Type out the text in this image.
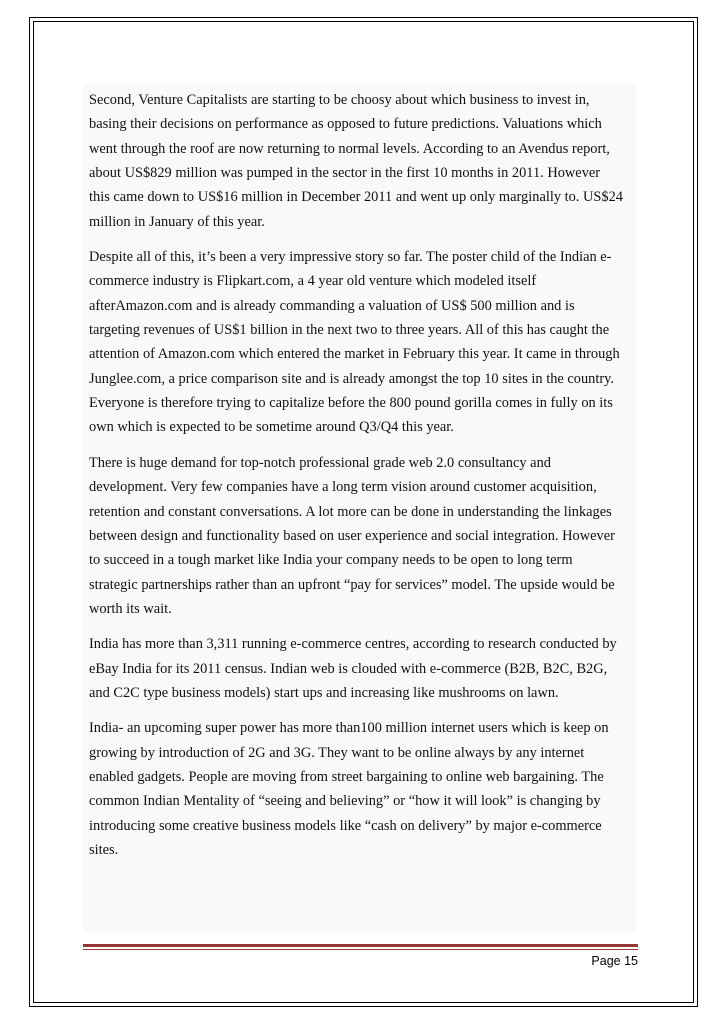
Second, Venture Capitalists are starting to be choosy about which business to invest in,
basing their decisions on performance as opposed to future predictions. Valuations which
went through the roof are now returning to normal levels. According to an Avendus report,
about US$829 million was pumped in the sector in the first 10 months in 2011. However
this came down to US$16 million in December 2011 and went up only marginally to. US$24
million in January of this year.
Despite all of this, it’s been a very impressive story so far. The poster child of the Indian e-
commerce industry is Flipkart.com, a 4 year old venture which modeled itself
afterAmazon.com and is already commanding a valuation of US$ 500 million and is
targeting revenues of US$1 billion in the next two to three years. All of this has caught the
attention of Amazon.com which entered the market in February this year. It came in through
Junglee.com, a price comparison site and is already amongst the top 10 sites in the country.
Everyone is therefore trying to capitalize before the 800 pound gorilla comes in fully on its
own which is expected to be sometime around Q3/Q4 this year.
There is huge demand for top-notch professional grade web 2.0 consultancy and
development. Very few companies have a long term vision around customer acquisition,
retention and constant conversations. A lot more can be done in understanding the linkages
between design and functionality based on user experience and social integration. However
to succeed in a tough market like India your company needs to be open to long term
strategic partnerships rather than an upfront “pay for services” model. The upside would be
worth its wait.
India has more than 3,311 running e-commerce centres, according to research conducted by
eBay India for its 2011 census. Indian web is clouded with e-commerce (B2B, B2C, B2G,
and C2C type business models) start ups and increasing like mushrooms on lawn.
India- an upcoming super power has more than100 million internet users which is keep on
growing by introduction of 2G and 3G. They want to be online always by any internet
enabled gadgets. People are moving from street bargaining to online web bargaining. The
common Indian Mentality of “seeing and believing” or “how it will look” is changing by
introducing some creative business models like “cash on delivery” by major e-commerce
sites.
Page 15
